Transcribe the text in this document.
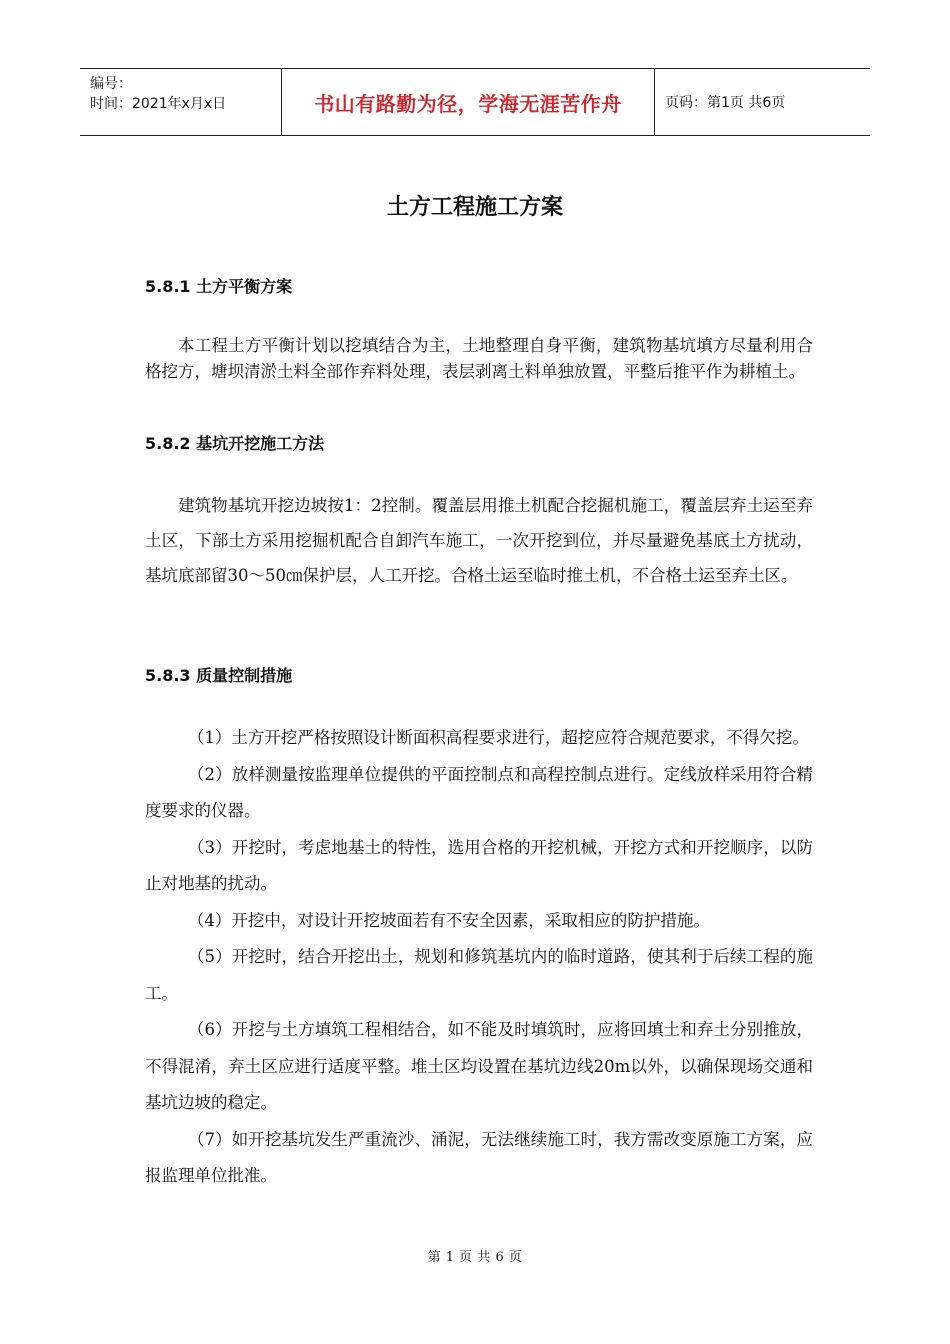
编号：
时间：2021年x月x日	书山有路勤为径，学海无涯苦作舟	页码：第1页 共6页
土方工程施工方案
5.8.1 土方平衡方案

本工程土方平衡计划以挖填结合为主，土地整理自身平衡，建筑物基坑填方尽量利用合格挖方，塘坝清淤土料全部作弃料处理，表层剥离土料单独放置，平整后推平作为耕植土。

5.8.2 基坑开挖施工方法

建筑物基坑开挖边坡按1：2控制。覆盖层用推土机配合挖掘机施工，覆盖层弃土运至弃土区，下部土方采用挖掘机配合自卸汽车施工，一次开挖到位，并尽量避免基底土方扰动，基坑底部留30～50㎝保护层，人工开挖。合格土运至临时推土机，不合格土运至弃土区。

5.8.3 质量控制措施

（1）土方开挖严格按照设计断面积高程要求进行，超挖应符合规范要求，不得欠挖。

（2）放样测量按监理单位提供的平面控制点和高程控制点进行。定线放样采用符合精度要求的仪器。

（3）开挖时，考虑地基土的特性，选用合格的开挖机械，开挖方式和开挖顺序，以防止对地基的扰动。

（4）开挖中，对设计开挖坡面若有不安全因素，采取相应的防护措施。

（5）开挖时，结合开挖出土，规划和修筑基坑内的临时道路，使其利于后续工程的施工。

（6）开挖与土方填筑工程相结合，如不能及时填筑时，应将回填土和弃土分别推放，不得混淆，弃土区应进行适度平整。堆土区均设置在基坑边线20m以外，以确保现场交通和基坑边坡的稳定。

（7）如开挖基坑发生严重流沙、涌泥，无法继续施工时，我方需改变原施工方案，应报监理单位批准。

第 1 页 共 6 页
